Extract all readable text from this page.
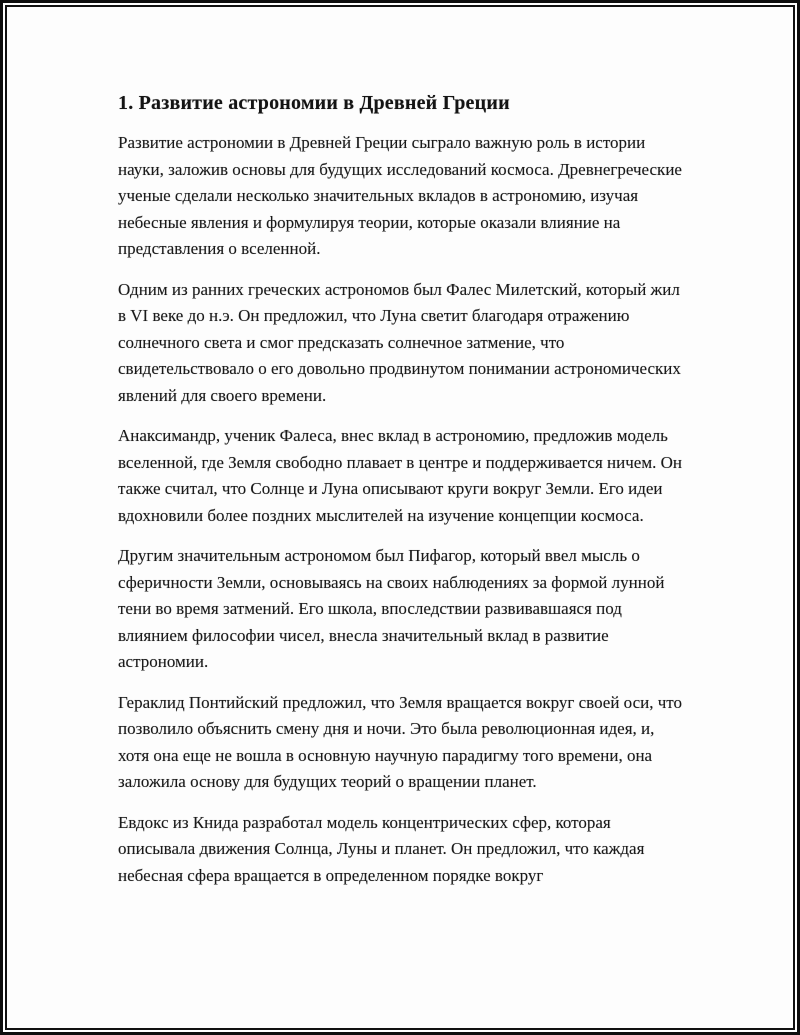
1. Развитие астрономии в Древней Греции

Развитие астрономии в Древней Греции сыграло важную роль в истории науки, заложив основы для будущих исследований космоса. Древнегреческие ученые сделали несколько значительных вкладов в астрономию, изучая небесные явления и формулируя теории, которые оказали влияние на представления о вселенной.

Одним из ранних греческих астрономов был Фалес Милетский, который жил в VI веке до н.э. Он предложил, что Луна светит благодаря отражению солнечного света и смог предсказать солнечное затмение, что свидетельствовало о его довольно продвинутом понимании астрономических явлений для своего времени.

Анаксимандр, ученик Фалеса, внес вклад в астрономию, предложив модель вселенной, где Земля свободно плавает в центре и поддерживается ничем. Он также считал, что Солнце и Луна описывают круги вокруг Земли. Его идеи вдохновили более поздних мыслителей на изучение концепции космоса.

Другим значительным астрономом был Пифагор, который ввел мысль о сферичности Земли, основываясь на своих наблюдениях за формой лунной тени во время затмений. Его школа, впоследствии развивавшаяся под влиянием философии чисел, внесла значительный вклад в развитие астрономии.

Гераклид Понтийский предложил, что Земля вращается вокруг своей оси, что позволило объяснить смену дня и ночи. Это была революционная идея, и, хотя она еще не вошла в основную научную парадигму того времени, она заложила основу для будущих теорий о вращении планет.

Евдокс из Книда разработал модель концентрических сфер, которая описывала движения Солнца, Луны и планет. Он предложил, что каждая небесная сфера вращается в определенном порядке вокруг
